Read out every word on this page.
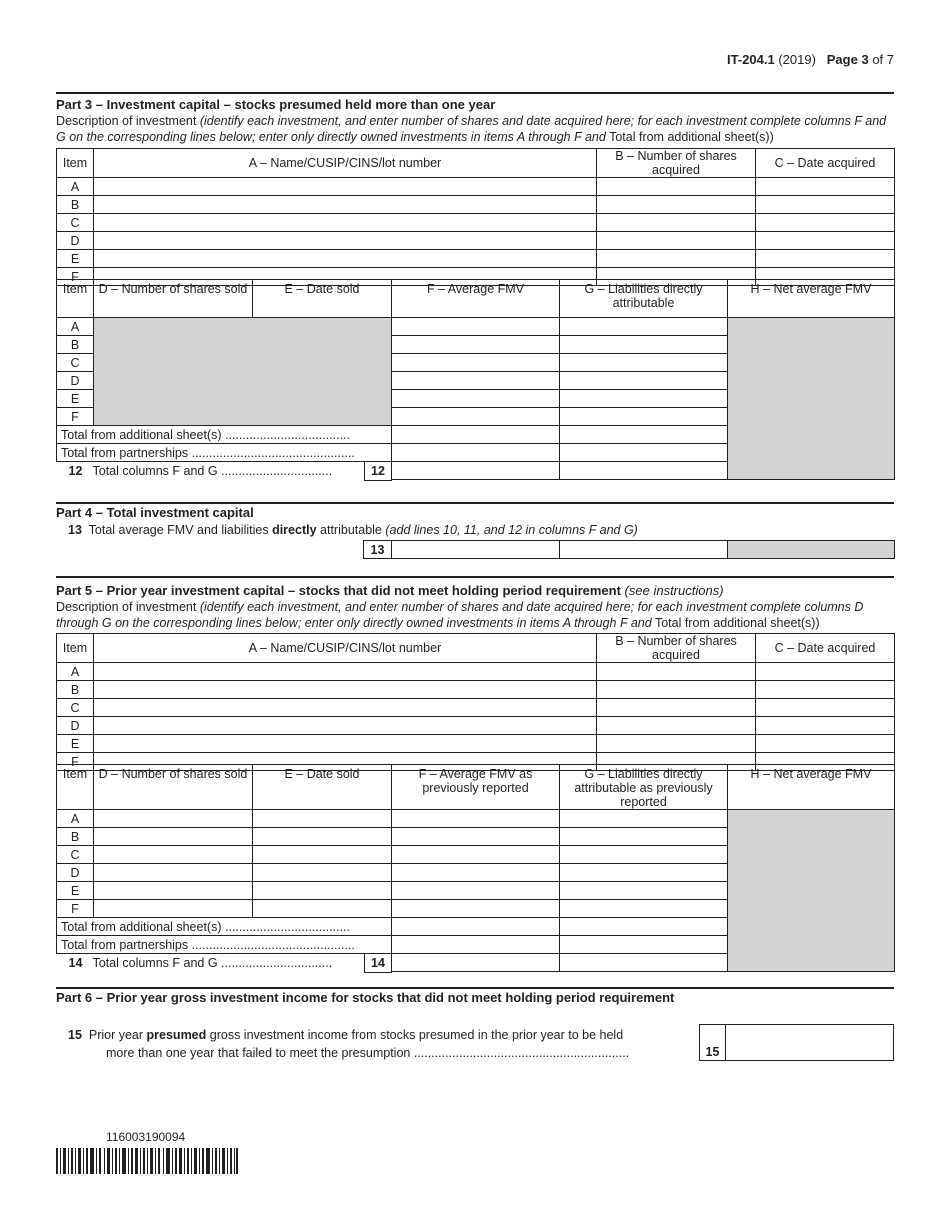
IT-204.1 (2019) Page 3 of 7
Part 3 – Investment capital – stocks presumed held more than one year
Description of investment (identify each investment, and enter number of shares and date acquired here; for each investment complete columns F and G on the corresponding lines below; enter only directly owned investments in items A through F and Total from additional sheet(s))
Item	A – Name/CUSIP/CINS/lot number	B – Number of shares acquired	C – Date acquired
A			
B			
C			
D			
E			
F			
Item	D – Number of shares sold	E – Date sold	F – Average FMV	G – Liabilities directly attributable	H – Net average FMV
A					
B					
C					
D					
E					
F					
Total from additional sheet(s) ....................................					
Total from partnerships ...............................................					

12 Total columns F and G ................................ 12					

Part 4 – Total investment capital
13 Total average FMV and liabilities directly attributable (add lines 10, 11, and 12 in columns F and G)
13			
Part 5 – Prior year investment capital – stocks that did not meet holding period requirement (see instructions)
Description of investment (identify each investment, and enter number of shares and date acquired here; for each investment complete columns D through G on the corresponding lines below; enter only directly owned investments in items A through F and Total from additional sheet(s))
Item	A – Name/CUSIP/CINS/lot number	B – Number of shares acquired	C – Date acquired
A			
B			
C			
D			
E			
F			
Item	D – Number of shares sold	E – Date sold	F – Average FMV as previously reported	G – Liabilities directly attributable as previously reported	H – Net average FMV
A					
B					
C					
D					
E					
F					
Total from additional sheet(s) ....................................					
Total from partnerships ...............................................					

14 Total columns F and G ................................ 14					

Part 6 – Prior year gross investment income for stocks that did not meet holding period requirement
15 Prior year presumed gross investment income from stocks presumed in the prior year to be held
more than one year that failed to meet the presumption ..............................................................	15
116003190094
